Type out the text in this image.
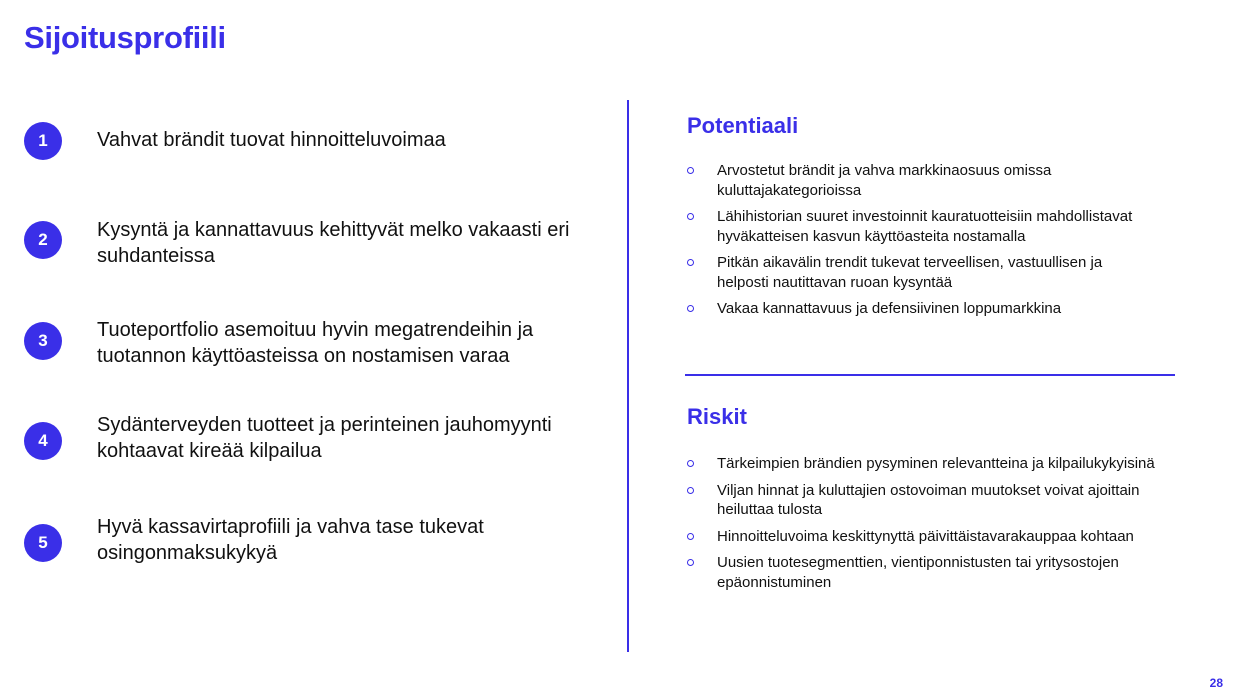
Sijoitusprofiili
1	Vahvat brändit tuovat hinnoitteluvoimaa
2	Kysyntä ja kannattavuus kehittyvät melko vakaasti eri suhdanteissa
3	Tuoteportfolio asemoituu hyvin megatrendeihin ja tuotannon käyttöasteissa on nostamisen varaa
4
Sydänterveyden tuotteet ja perinteinen jauhomyynti kohtaavat kireää kilpailua
5
Hyvä kassavirtaprofiili ja vahva tase tukevat osingonmaksukykyä
Potentiaali
Arvostetut brändit ja vahva markkinaosuus omissa kuluttajakategorioissa
Lähihistorian suuret investoinnit kauratuotteisiin mahdollistavat hyväkatteisen kasvun käyttöasteita nostamalla
Pitkän aikavälin trendit tukevat terveellisen, vastuullisen ja helposti nautittavan ruoan kysyntää
Vakaa kannattavuus ja defensiivinen loppumarkkina
Riskit
Tärkeimpien brändien pysyminen relevantteina ja kilpailukykyisinä
Viljan hinnat ja kuluttajien ostovoiman muutokset voivat ajoittain heiluttaa tulosta
Hinnoitteluvoima keskittynyttä päivittäistavarakauppaa kohtaan
Uusien tuotesegmenttien, vientiponnistusten tai yritysostojen epäonnistuminen
28
